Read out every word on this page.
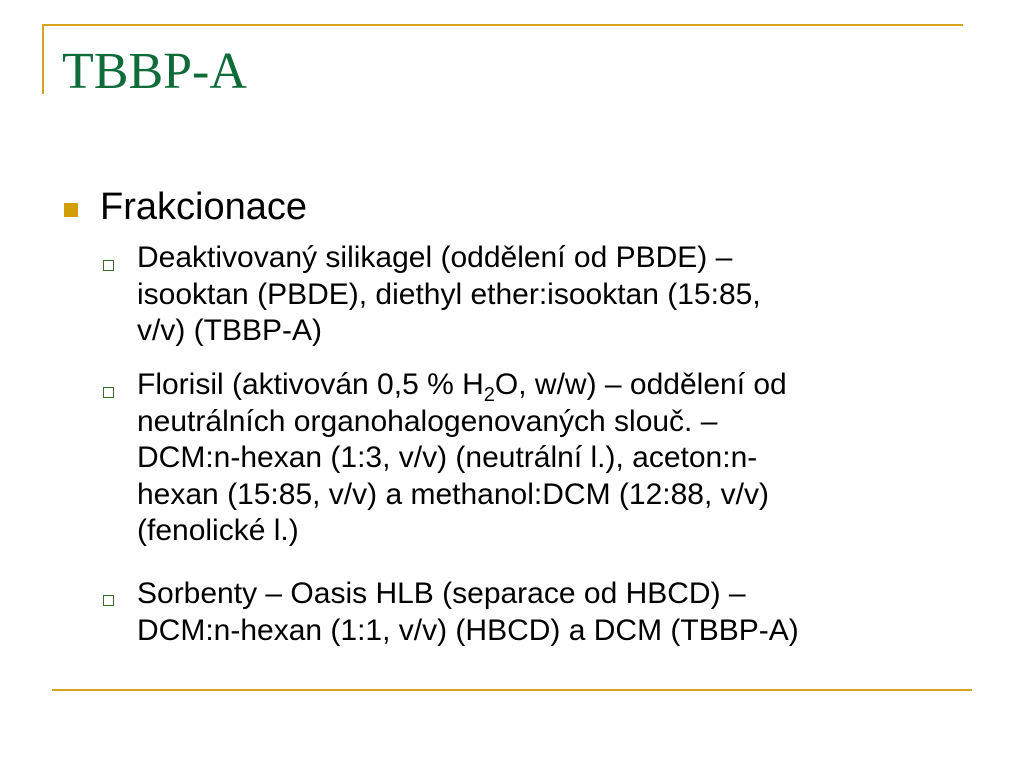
TBBP-A
Frakcionace
Deaktivovaný silikagel (oddělení od PBDE) –
isooktan (PBDE), diethyl ether:isooktan (15:85,
v/v) (TBBP-A)
Florisil (aktivován 0,5 % $H_2O$, w/w) – oddělení od
neutrálních organohalogenovaných slouč. –
DCM:n-hexan (1:3, v/v) (neutrální l.), aceton:n-
hexan (15:85, v/v) a methanol:DCM (12:88, v/v)
(fenolické l.)
Sorbenty – Oasis HLB (separace od HBCD) –
DCM:n-hexan (1:1, v/v) (HBCD) a DCM (TBBP-A)
